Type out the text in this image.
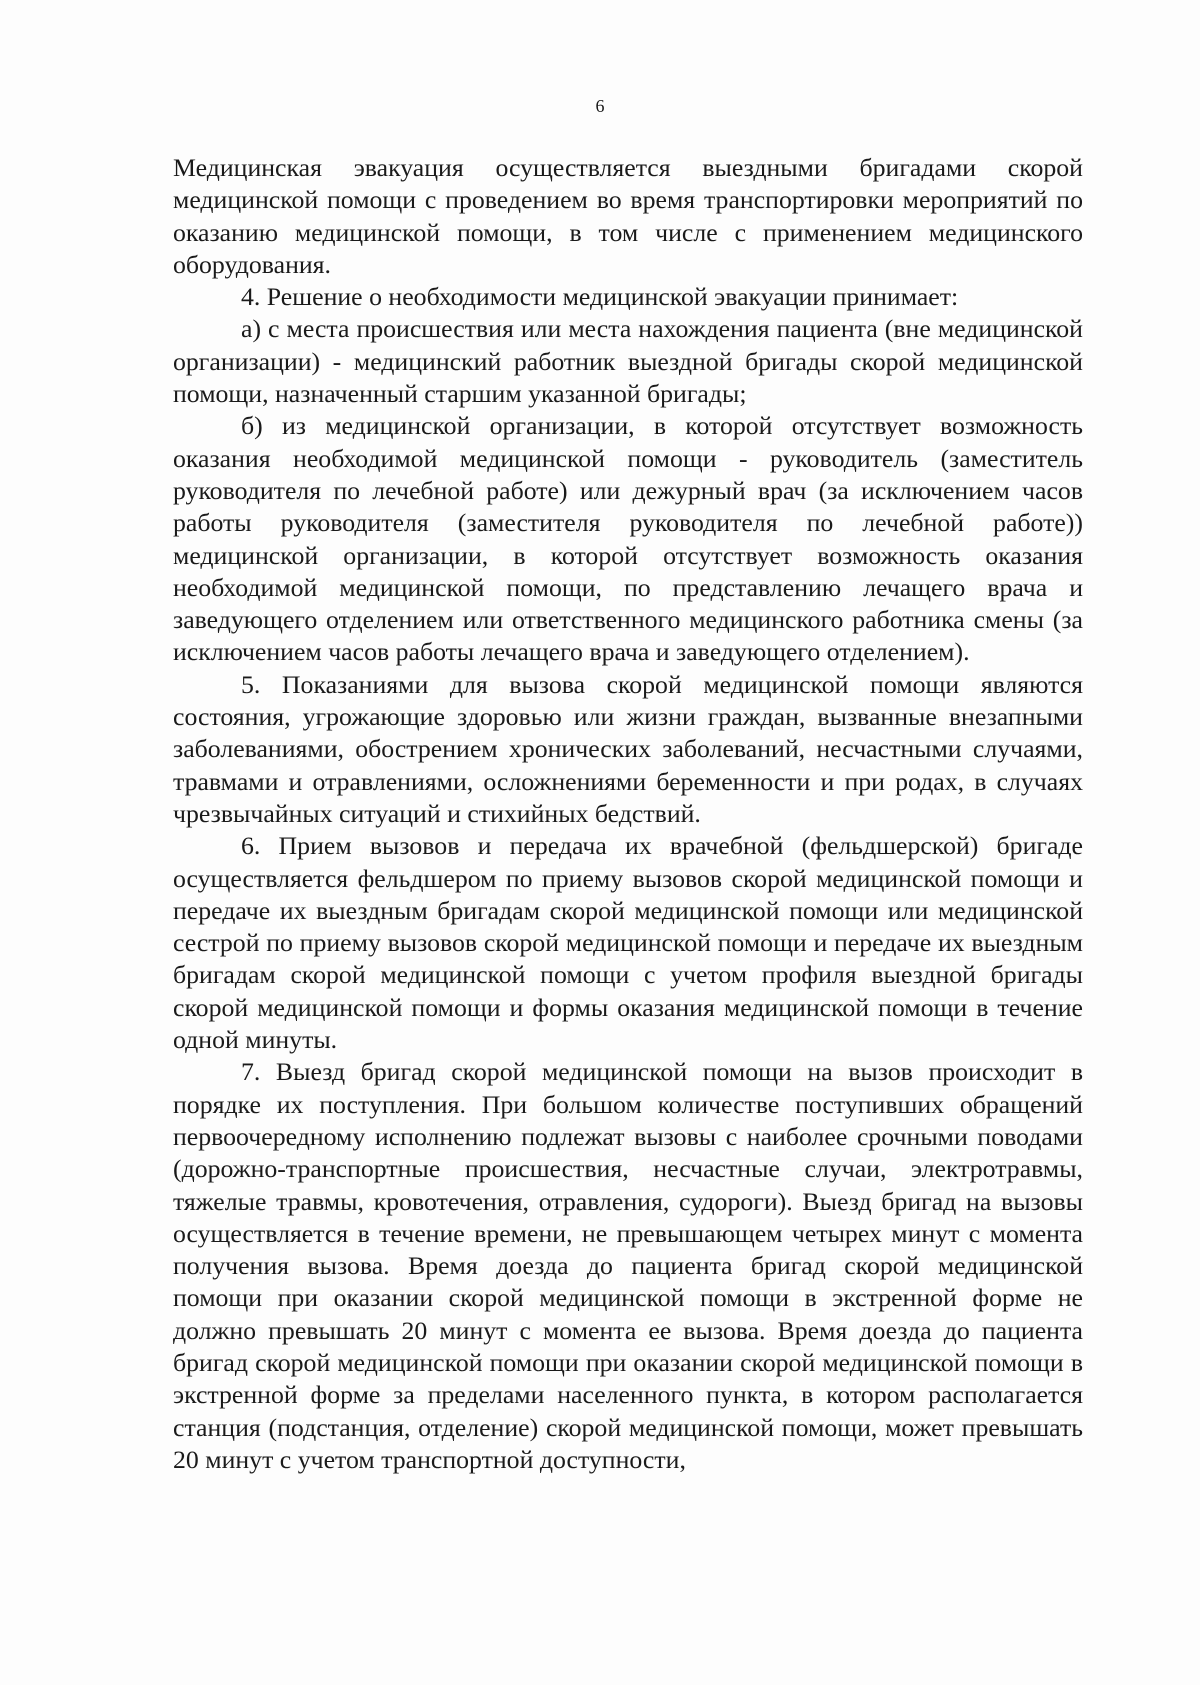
6

Медицинская эвакуация осуществляется выездными бригадами скорой медицинской помощи с проведением во время транспортировки мероприятий по оказанию медицинской помощи, в том числе с применением медицинского оборудования.

4. Решение о необходимости медицинской эвакуации принимает:

а) с места происшествия или места нахождения пациента (вне медицинской организации) - медицинский работник выездной бригады скорой медицинской помощи, назначенный старшим указанной бригады;

б) из медицинской организации, в которой отсутствует возможность оказания необходимой медицинской помощи - руководитель (заместитель руководителя по лечебной работе) или дежурный врач (за исключением часов работы руководителя (заместителя руководителя по лечебной работе)) медицинской организации, в которой отсутствует возможность оказания необходимой медицинской помощи, по представлению лечащего врача и заведующего отделением или ответственного медицинского работника смены (за исключением часов работы лечащего врача и заведующего отделением).

5. Показаниями для вызова скорой медицинской помощи являются состояния, угрожающие здоровью или жизни граждан, вызванные внезапными заболеваниями, обострением хронических заболеваний, несчастными случаями, травмами и отравлениями, осложнениями беременности и при родах, в случаях чрезвычайных ситуаций и стихийных бедствий.

6. Прием вызовов и передача их врачебной (фельдшерской) бригаде осуществляется фельдшером по приему вызовов скорой медицинской помощи и передаче их выездным бригадам скорой медицинской помощи или медицинской сестрой по приему вызовов скорой медицинской помощи и передаче их выездным бригадам скорой медицинской помощи с учетом профиля выездной бригады скорой медицинской помощи и формы оказания медицинской помощи в течение одной минуты.

7. Выезд бригад скорой медицинской помощи на вызов происходит в порядке их поступления. При большом количестве поступивших обращений первоочередному исполнению подлежат вызовы с наиболее срочными поводами (дорожно-транспортные происшествия, несчастные случаи, электротравмы, тяжелые травмы, кровотечения, отравления, судороги). Выезд бригад на вызовы осуществляется в течение времени, не превышающем четырех минут с момента получения вызова. Время доезда до пациента бригад скорой медицинской помощи при оказании скорой медицинской помощи в экстренной форме не должно превышать 20 минут с момента ее вызова. Время доезда до пациента бригад скорой медицинской помощи при оказании скорой медицинской помощи в экстренной форме за пределами населенного пункта, в котором располагается станция (подстанция, отделение) скорой медицинской помощи, может превышать 20 минут с учетом транспортной доступности,
